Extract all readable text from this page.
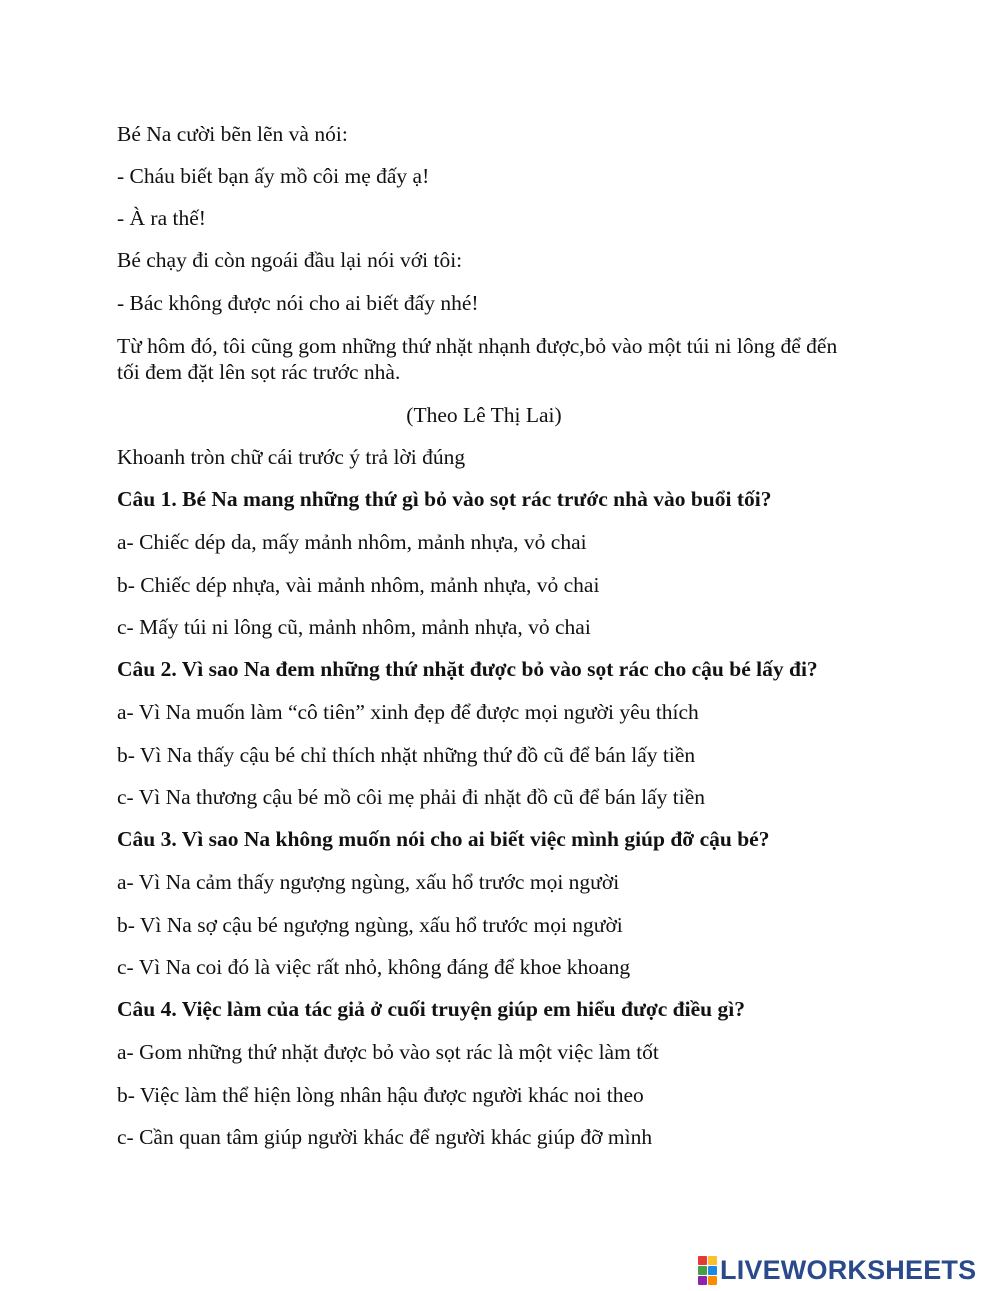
Bé Na cười bẽn lẽn và nói:
- Cháu biết bạn ấy mồ côi mẹ đấy ạ!
- À ra thế!
Bé chạy đi còn ngoái đầu lại nói với tôi:
- Bác không được nói cho ai biết đấy nhé!
Từ hôm đó, tôi cũng gom những thứ nhặt nhạnh được,bỏ vào một túi ni lông để đến tối đem đặt lên sọt rác trước nhà.
(Theo Lê Thị Lai)
Khoanh tròn chữ cái trước ý trả lời đúng
Câu 1. Bé Na mang những thứ gì bỏ vào sọt rác trước nhà vào buổi tối?
a- Chiếc dép da, mấy mảnh nhôm, mảnh nhựa, vỏ chai
b- Chiếc dép nhựa, vài mảnh nhôm, mảnh nhựa, vỏ chai
c- Mấy túi ni lông cũ, mảnh nhôm, mảnh nhựa, vỏ chai
Câu 2. Vì sao Na đem những thứ nhặt được bỏ vào sọt rác cho cậu bé lấy đi?
a- Vì Na muốn làm “cô tiên” xinh đẹp để được mọi người yêu thích
b- Vì Na thấy cậu bé chỉ thích nhặt những thứ đồ cũ để bán lấy tiền
c- Vì Na thương cậu bé mồ côi mẹ phải đi nhặt đồ cũ để bán lấy tiền
Câu 3. Vì sao Na không muốn nói cho ai biết việc mình giúp đỡ cậu bé?
a- Vì Na cảm thấy ngượng ngùng, xấu hổ trước mọi người
b- Vì Na sợ cậu bé ngượng ngùng, xấu hổ trước mọi người
c- Vì Na coi đó là việc rất nhỏ, không đáng để khoe khoang
Câu 4. Việc làm của tác giả ở cuối truyện giúp em hiểu được điều gì?
a- Gom những thứ nhặt được bỏ vào sọt rác là một việc làm tốt
b- Việc làm thể hiện lòng nhân hậu được người khác noi theo
c- Cần quan tâm giúp người khác để người khác giúp đỡ mình
LIVEWORKSHEETS
